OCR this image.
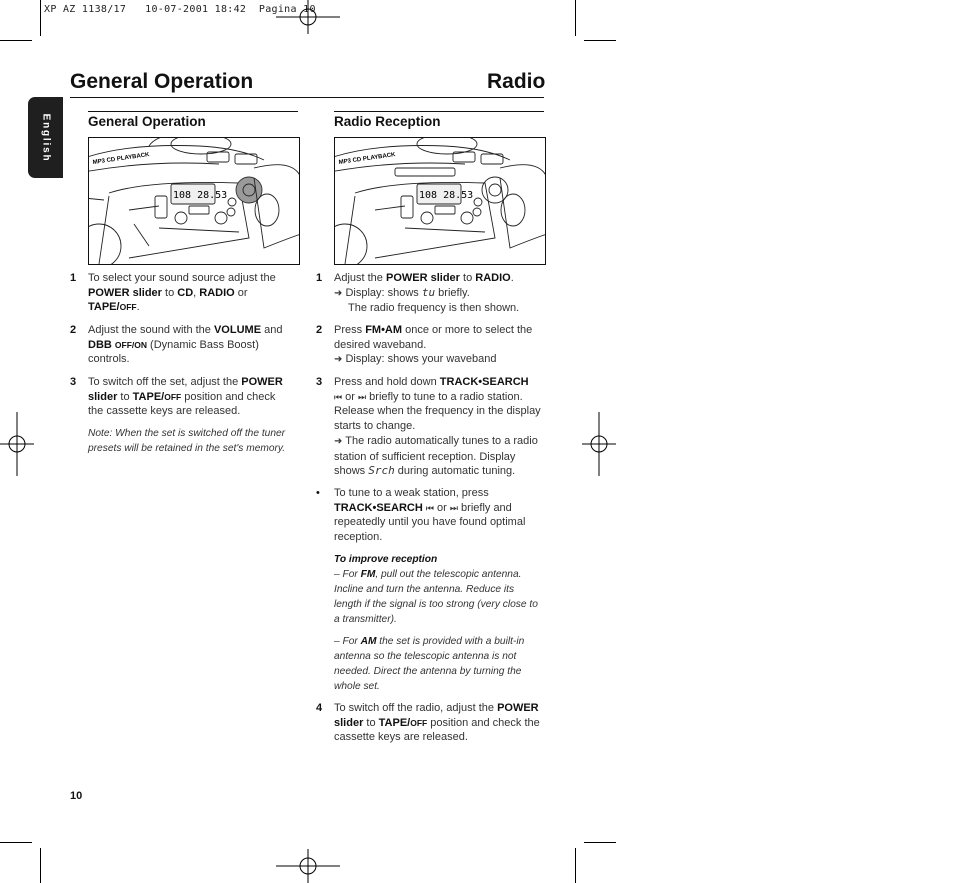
XP AZ 1138/17   10-07-2001 18:42  Pagina 10
General Operation	Radio
English	General Operation
MP3 CD PLAYBACK
108 28.53
1 To select your sound source adjust the POWER slider to CD, RADIO or TAPE/OFF.
2 Adjust the sound with the VOLUME and DBB OFF/ON (Dynamic Bass Boost) controls.
3 To switch off the set, adjust the POWER slider to TAPE/OFF position and check the cassette keys are released.
Note: When the set is switched off the tuner presets will be retained in the set's memory.
Radio Reception
MP3 CD PLAYBACK
108 28.53
1 Adjust the POWER slider to RADIO.
➜ Display: shows tu briefly.
The radio frequency is then shown.
2 Press FM•AM once or more to select the desired waveband.
➜ Display: shows your waveband
3 Press and hold down TRACK•SEARCH
⏮ or ⏭ briefly to tune to a radio station. Release when the frequency in the display starts to change.
➜ The radio automatically tunes to a radio station of sufficient reception. Display shows Srch during automatic tuning.
• To tune to a weak station, press TRACK•SEARCH ⏮ or ⏭ briefly and repeatedly until you have found optimal reception.
To improve reception
– For FM, pull out the telescopic antenna. Incline and turn the antenna. Reduce its length if the signal is too strong (very close to a transmitter).
– For AM the set is provided with a built-in antenna so the telescopic antenna is not needed. Direct the antenna by turning the whole set.
4 To switch off the radio, adjust the POWER slider to TAPE/OFF position and check the cassette keys are released.
10
